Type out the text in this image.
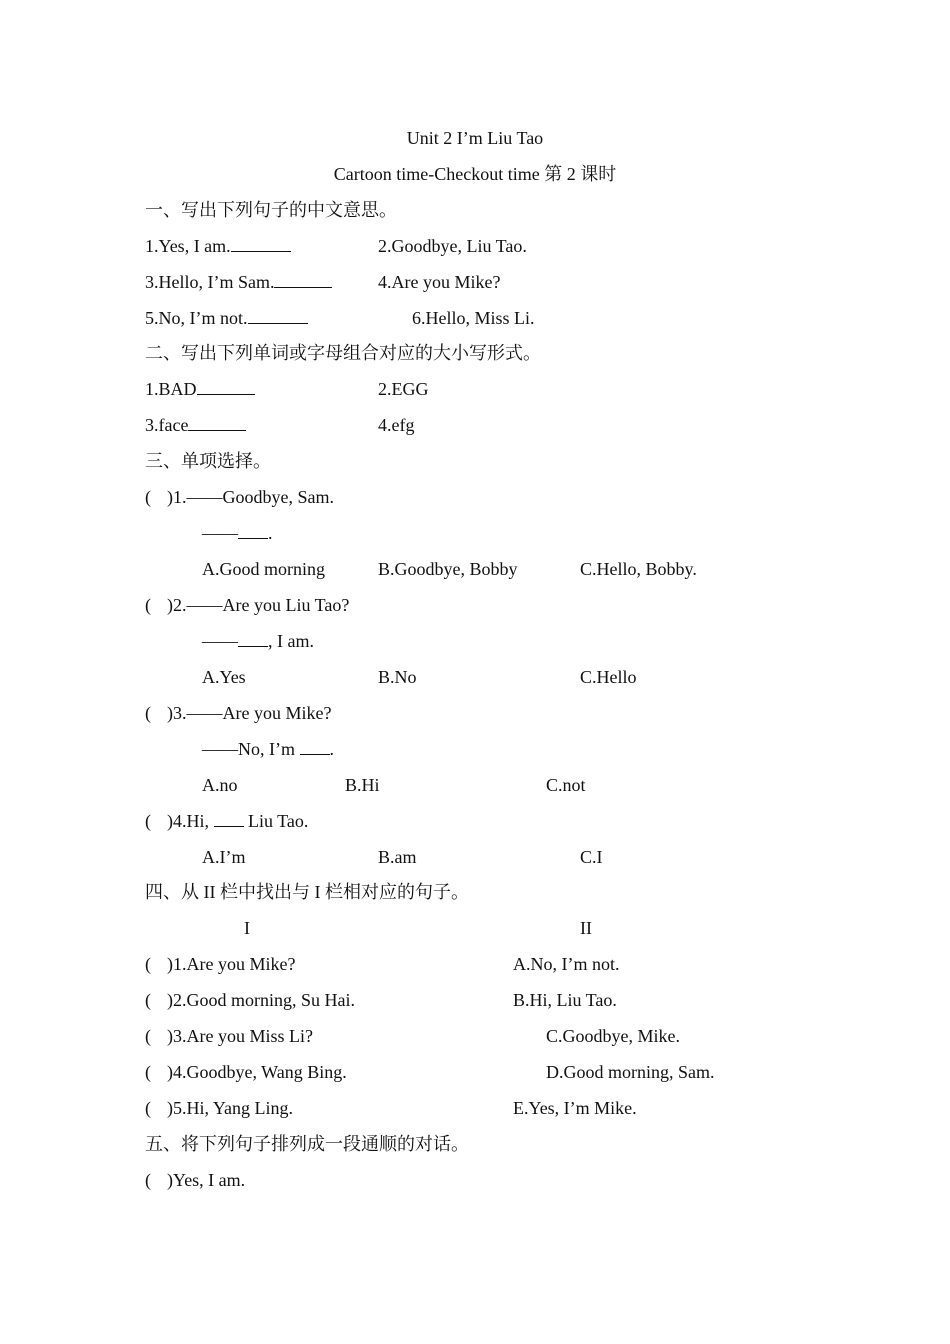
Unit 2 I’m Liu Tao
Cartoon time-Checkout time 第 2 课时
一、写出下列句子的中文意思。
1.Yes, I am.	2.Goodbye, Liu Tao.
3.Hello, I’m Sam.	4.Are you Mike?
5.No, I’m not.	6.Hello, Miss Li.
二、写出下列单词或字母组合对应的大小写形式。
1.BAD	2.EGG
3.face	4.efg
三、单项选择。
( )1.——Goodbye, Sam.
—— .
A.Good morning	B.Goodbye, Bobby	C.Hello, Bobby.
( )2.——Are you Liu Tao?
—— , I am.
A.Yes	B.No	C.Hello
( )3.——Are you Mike?
——No, I’m .
A.no	B.Hi	C.not
( )4.Hi,  Liu Tao.
A.I’m	B.am	C.I
四、从 II 栏中找出与 I 栏相对应的句子。
I	II
( )1.Are you Mike?	A.No, I’m not.
( )2.Good morning, Su Hai.	B.Hi, Liu Tao.
( )3.Are you Miss Li?	C.Goodbye, Mike.
( )4.Goodbye, Wang Bing.	D.Good morning, Sam.
( )5.Hi, Yang Ling.	E.Yes, I’m Mike.
五、将下列句子排列成一段通顺的对话。
( )Yes, I am.
